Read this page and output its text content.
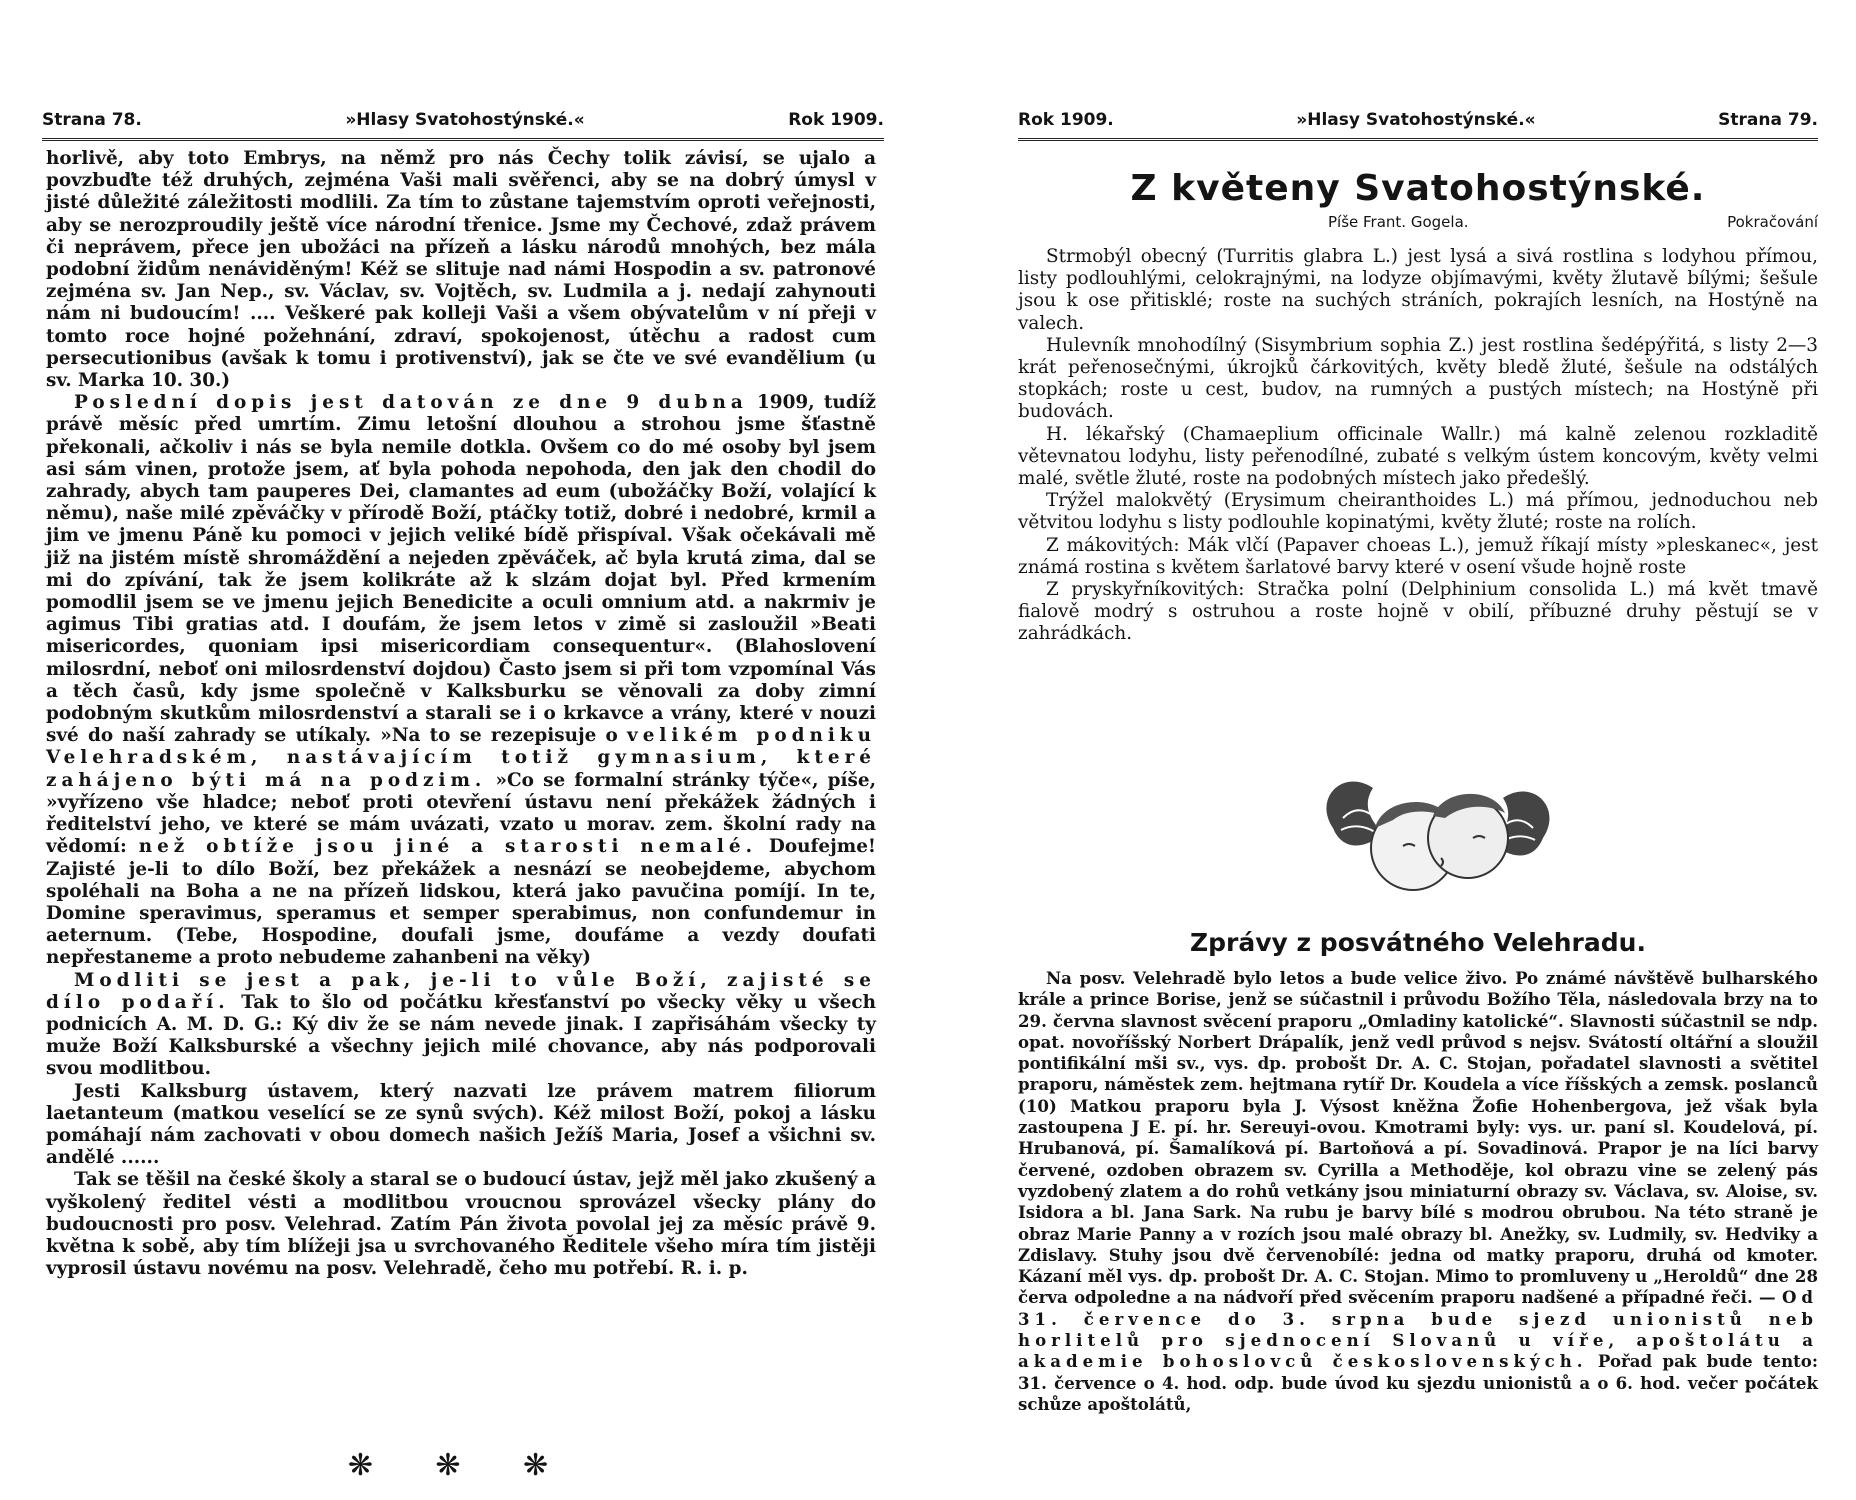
Strana 78.	»Hlasy Svatohostýnské.«	Rok 1909.

horlivě, aby toto Embrys, na němž pro nás Čechy tolik závisí, se ujalo a povzbuďte též druhých, zejména Vaši mali svěřenci, aby se na dobrý úmysl v jisté důležité záležitosti modlili. Za tím to zůstane tajemstvím oproti veřejnosti, aby se nerozproudily ještě více národní třenice. Jsme my Čechové, zdaž právem či neprávem, přece jen ubožáci na přízeň a lásku národů mnohých, bez mála podobní židům nenáviděným! Kéž se slituje nad námi Hospodin a sv. patronové zejména sv. Jan Nep., sv. Václav, sv. Vojtěch, sv. Ludmila a j. nedají zahynouti nám ni budoucím! .... Veškeré pak kolleji Vaši a všem obývatelům v ní přeji v tomto roce hojné požehnání, zdraví, spokojenost, útěchu a radost cum persecutionibus (avšak k tomu i protivenství), jak se čte ve své evandělium (u sv. Marka 10. 30.)

Poslední dopis jest datován ze dne 9 dubna 1909, tudíž právě měsíc před umrtím. Zimu letošní dlouhou a strohou jsme šťastně překonali, ačkoliv i nás se byla nemile dotkla. Ovšem co do mé osoby byl jsem asi sám vinen, protože jsem, ať byla pohoda nepohoda, den jak den chodil do zahrady, abych tam pauperes Dei, clamantes ad eum (ubožáčky Boží, volající k němu), naše milé zpěváčky v přírodě Boží, ptáčky totiž, dobré i nedobré, krmil a jim ve jmenu Páně ku pomoci v jejich veliké bídě přispíval. Však očekávali mě již na jistém místě shromáždění a nejeden zpěváček, ač byla krutá zima, dal se mi do zpívání, tak že jsem kolikráte až k slzám dojat byl. Před krmením pomodlil jsem se ve jmenu jejich Benedicite a oculi omnium atd. a nakrmiv je agimus Tibi gratias atd. I doufám, že jsem letos v zimě si zasloužil »Beati misericordes, quoniam ipsi misericordiam consequentur«. (Blahoslovení milosrdní, neboť oni milosrdenství dojdou) Často jsem si při tom vzpomínal Vás a těch časů, kdy jsme společně v Kalksburku se věnovali za doby zimní podobným skutkům milosrdenství a starali se i o krkavce a vrány, které v nouzi své do naší zahrady se utíkaly. »Na to se rezepisuje o velikém podniku Velehradském, nastávajícím totiž gymnasium, které zahájeno býti má na podzim. »Co se formalní stránky týče«, píše, »vyřízeno vše hladce; neboť proti otevření ústavu není překážek žádných i ředitelství jeho, ve které se mám uvázati, vzato u morav. zem. školní rady na vědomí: než obtíže jsou jiné a starosti nemalé. Doufejme! Zajisté je-li to dílo Boží, bez překážek a nesnází se neobejdeme, abychom spoléhali na Boha a ne na přízeň lidskou, která jako pavučina pomíjí. In te, Domine speravimus, speramus et semper sperabimus, non confundemur in aeternum. (Tebe, Hospodine, doufali jsme, doufáme a vezdy doufati nepřestaneme a proto nebudeme zahanbeni na věky)

Modliti se jest a pak, je-li to vůle Boží, zajisté se dílo podaří. Tak to šlo od počátku křesťanství po všecky věky u všech podnicích A. M. D. G.: Ký div že se nám nevede jinak. I zapřisáhám všecky ty muže Boží Kalksburské a všechny jejich milé chovance, aby nás podporovali svou modlitbou.

Jesti Kalksburg ústavem, který nazvati lze právem matrem filiorum laetanteum (matkou veselící se ze synů svých). Kéž milost Boží, pokoj a lásku pomáhají nám zachovati v obou domech našich Ježíš Maria, Josef a všichni sv. andělé ......

Tak se těšil na české školy a staral se o budoucí ústav, jejž měl jako zkušený a vyškolený ředitel vésti a modlitbou vroucnou sprovázel všecky plány do budoucnosti pro posv. Velehrad. Zatím Pán života povolal jej za měsíc právě 9. května k sobě, aby tím blížeji jsa u svrchovaného Ředitele všeho míra tím jistěji vyprosil ústavu novému na posv. Velehradě, čeho mu potřebí. R. i. p.

❋ ❋ ❋
Rok 1909.	»Hlasy Svatohostýnské.«	Strana 79.
Z květeny Svatohostýnské.
Píše Frant. Gogela.	Pokračování

Strmobýl obecný (Turritis glabra L.) jest lysá a sivá rostlina s lodyhou přímou, listy podlouhlými, celokrajnými, na lodyze objímavými, květy žlutavě bílými; šešule jsou k ose přitisklé; roste na suchých stráních, pokrajích lesních, na Hostýně na valech.

Hulevník mnohodílný (Sisymbrium sophia Z.) jest rostlina šedépýřitá, s listy 2—3 krát peřenosečnými, úkrojků čárkovitých, květy bledě žluté, šešule na odstálých stopkách; roste u cest, budov, na rumných a pustých místech; na Hostýně při budovách.

H. lékařský (Chamaeplium officinale Wallr.) má kalně zelenou rozkladitě větevnatou lodyhu, listy peřenodílné, zubaté s velkým ústem koncovým, květy velmi malé, světle žluté, roste na podobných místech jako předešlý.

Trýžel malokvětý (Erysimum cheiranthoides L.) má přímou, jednoduchou neb větvitou lodyhu s listy podlouhle kopinatými, květy žluté; roste na rolích.

Z mákovitých: Mák vlčí (Papaver choeas L.), jemuž říkají místy »pleskanec«, jest známá rostina s květem šarlatové barvy které v osení všude hojně roste

Z pryskyřníkovitých: Stračka polní (Delphinium consolida L.) má květ tmavě fialově modrý s ostruhou a roste hojně v obilí, příbuzné druhy pěstují se v zahrádkách.

Zprávy z posvátného Velehradu.

Na posv. Velehradě bylo letos a bude velice živo. Po známé návštěvě bulharského krále a prince Borise, jenž se súčastnil i průvodu Božího Těla, následovala brzy na to 29. června slavnost svěcení praporu „Omladiny katolické“. Slavnosti súčastnil se ndp. opat. novoříšský Norbert Drápalík, jenž vedl průvod s nejsv. Svátostí oltářní a sloužil pontifikální mši sv., vys. dp. probošt Dr. A. C. Stojan, pořadatel slavnosti a světitel praporu, náměstek zem. hejtmana rytíř Dr. Koudela a více říšských a zemsk. poslanců (10) Matkou praporu byla J. Výsost kněžna Žofie Hohenbergova, jež však byla zastoupena J E. pí. hr. Sereuyi-ovou. Kmotrami byly: vys. ur. paní sl. Koudelová, pí. Hrubanová, pí. Šamalíková pí. Bartoňová a pí. Sovadinová. Prapor je na líci barvy červené, ozdoben obrazem sv. Cyrilla a Methoděje, kol obrazu vine se zelený pás vyzdobený zlatem a do rohů vetkány jsou miniaturní obrazy sv. Václava, sv. Aloise, sv. Isidora a bl. Jana Sark. Na rubu je barvy bílé s modrou obrubou. Na této straně je obraz Marie Panny a v rozích jsou malé obrazy bl. Anežky, sv. Ludmily, sv. Hedviky a Zdislavy. Stuhy jsou dvě červenobílé: jedna od matky praporu, druhá od kmoter. Kázaní měl vys. dp. probošt Dr. A. C. Stojan. Mimo to promluveny u „Heroldů“ dne 28 červa odpoledne a na nádvoří před svěcením praporu nadšené a případné řeči. — Od 31. července do 3. srpna bude sjezd unionistů neb horlitelů pro sjednocení Slovanů u víře, apoštolátu a akademie bohoslovců československých. Pořad pak bude tento: 31. července o 4. hod. odp. bude úvod ku sjezdu unionistů a o 6. hod. večer počátek schůze apoštolátů,
